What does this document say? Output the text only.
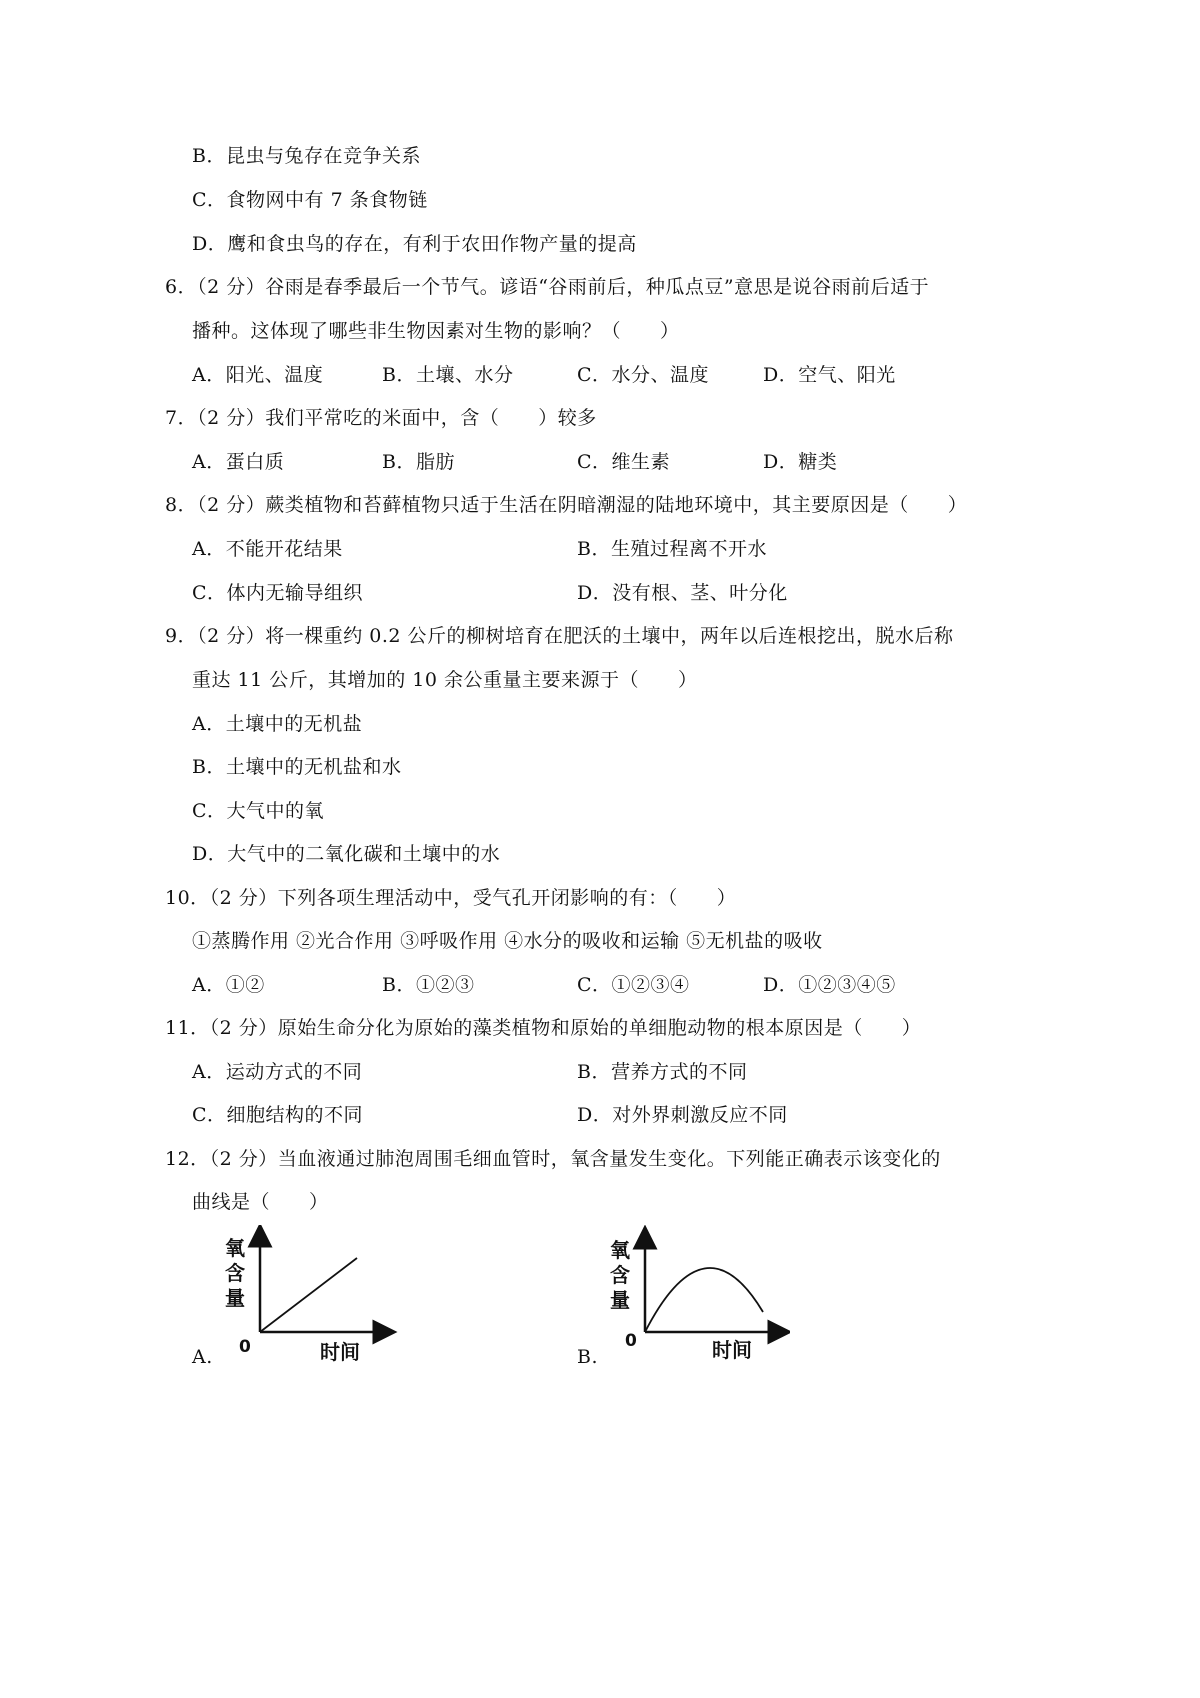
B．昆虫与兔存在竞争关系
C．食物网中有 7 条食物链
D．鹰和食虫鸟的存在，有利于农田作物产量的提高
6．（2 分）谷雨是春季最后一个节气。谚语“谷雨前后，种瓜点豆”意思是说谷雨前后适于
播种。这体现了哪些非生物因素对生物的影响？（　　）
A．阳光、温度	B．土壤、水分	C．水分、温度	D．空气、阳光
7．（2 分）我们平常吃的米面中，含（　　）较多
A．蛋白质	B．脂肪	C．维生素	D．糖类
8．（2 分）蕨类植物和苔藓植物只适于生活在阴暗潮湿的陆地环境中，其主要原因是（　　）
A．不能开花结果	B．生殖过程离不开水
C．体内无输导组织	D．没有根、茎、叶分化
9．（2 分）将一棵重约 0.2 公斤的柳树培育在肥沃的土壤中，两年以后连根挖出，脱水后称
重达 11 公斤，其增加的 10 余公重量主要来源于（　　）
A．土壤中的无机盐
B．土壤中的无机盐和水
C．大气中的氧
D．大气中的二氧化碳和土壤中的水
10．（2 分）下列各项生理活动中，受气孔开闭影响的有：（　　）
①蒸腾作用 ②光合作用 ③呼吸作用 ④水分的吸收和运输 ⑤无机盐的吸收
A．①②	B．①②③	C．①②③④	D．①②③④⑤
11．（2 分）原始生命分化为原始的藻类植物和原始的单细胞动物的根本原因是（　　）
A．运动方式的不同	B．营养方式的不同
C．细胞结构的不同	D．对外界刺激反应不同
12．（2 分）当血液通过肺泡周围毛细血管时，氧含量发生变化。下列能正确表示该变化的
曲线是（　　）
A.	B.
氧
含
量
0	时间
氧
含
量
0	时间
